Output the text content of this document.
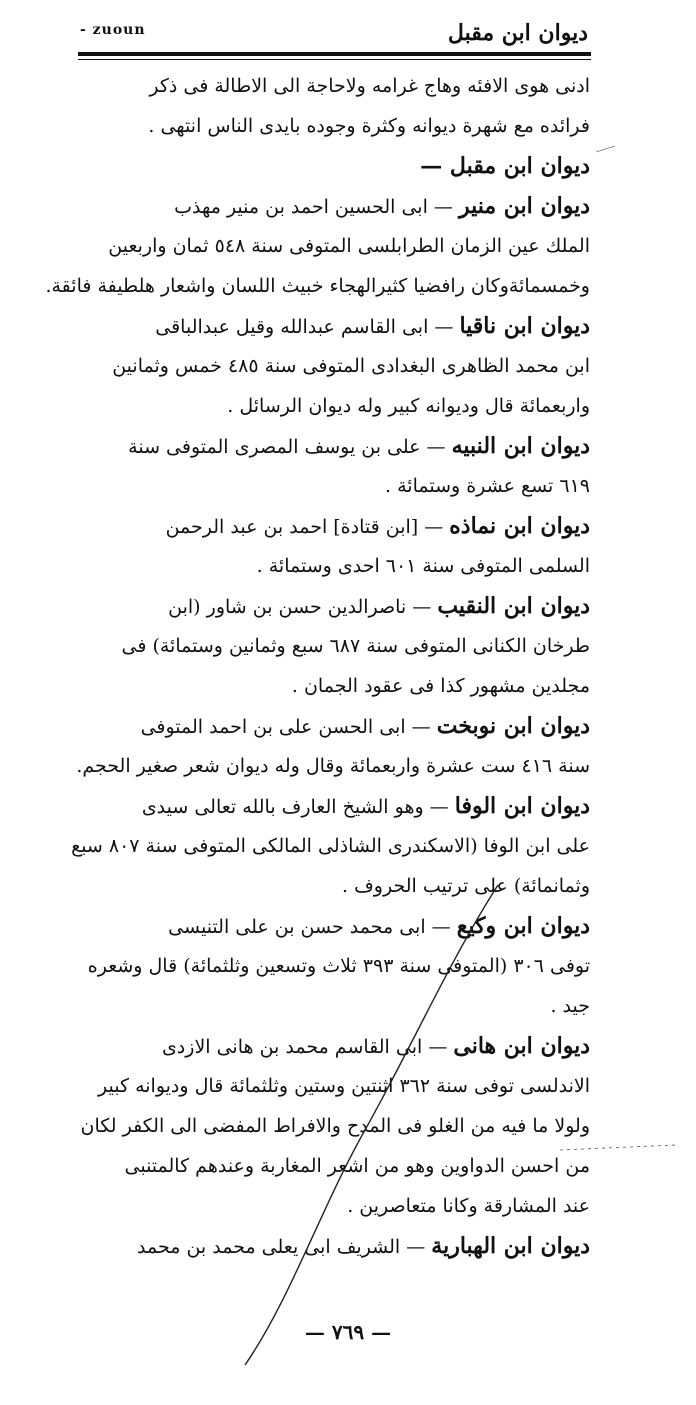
ديوان ابن مقبل
- zuoun

ادنى هوى الافئه وهاج غرامه ولاحاجة الى الاطالة فى ذكر

فرائده مع شهرة ديوانه وكثرة وجوده بايدى الناس انتهى .

ديوان ابن مقبل —

ديوان ابن منير — ابى الحسين احمد بن منير مهذب

الملك عين الزمان الطرابلسى المتوفى سنة ٥٤٨ ثمان واربعين

وخمسمائةوكان رافضيا كثيرالهجاء خبيث اللسان واشعار هلطيفة فائقة.

ديوان ابن ناقيا — ابى القاسم عبدالله وقيل عبدالباقى

ابن محمد الظاهرى البغدادى المتوفى سنة ٤٨٥ خمس وثمانين

واربعمائة قال وديوانه كبير وله ديوان الرسائل .

ديوان ابن النبيه — على بن يوسف المصرى المتوفى سنة

٦١٩ تسع عشرة وستمائة .

ديوان ابن نماذه — [ابن قتادة] احمد بن عبد الرحمن

السلمى المتوفى سنة ٦٠١ احدى وستمائة .

ديوان ابن النقيب — ناصرالدين حسن بن شاور (ابن

طرخان الكنانى المتوفى سنة ٦٨٧ سبع وثمانين وستمائة) فى

مجلدين مشهور كذا فى عقود الجمان .

ديوان ابن نوبخت — ابى الحسن على بن احمد المتوفى

سنة ٤١٦ ست عشرة واربعمائة وقال وله ديوان شعر صغير الحجم.

ديوان ابن الوفا — وهو الشيخ العارف بالله تعالى سيدى

على ابن الوفا (الاسكندرى الشاذلى المالكى المتوفى سنة ٨٠٧ سبع

وثمانمائة) على ترتيب الحروف .

ديوان ابن وكيع — ابى محمد حسن بن على التنيسى

توفى ٣٠٦ (المتوفى سنة ٣٩٣ ثلاث وتسعين وثلثمائة) قال وشعره

جيد .

ديوان ابن هانى — ابى القاسم محمد بن هانى الازدى

الاندلسى توفى سنة ٣٦٢ اثنتين وستين وثلثمائة قال وديوانه كبير

ولولا ما فيه من الغلو فى المدح والافراط المفضى الى الكفر لكان

من احسن الدواوين وهو من اشعر المغاربة وعندهم كالمتنبى

عند المشارقة وكانا متعاصرين .

ديوان ابن الهبارية — الشريف ابى يعلى محمد بن محمد

— ٧٦٩ —
